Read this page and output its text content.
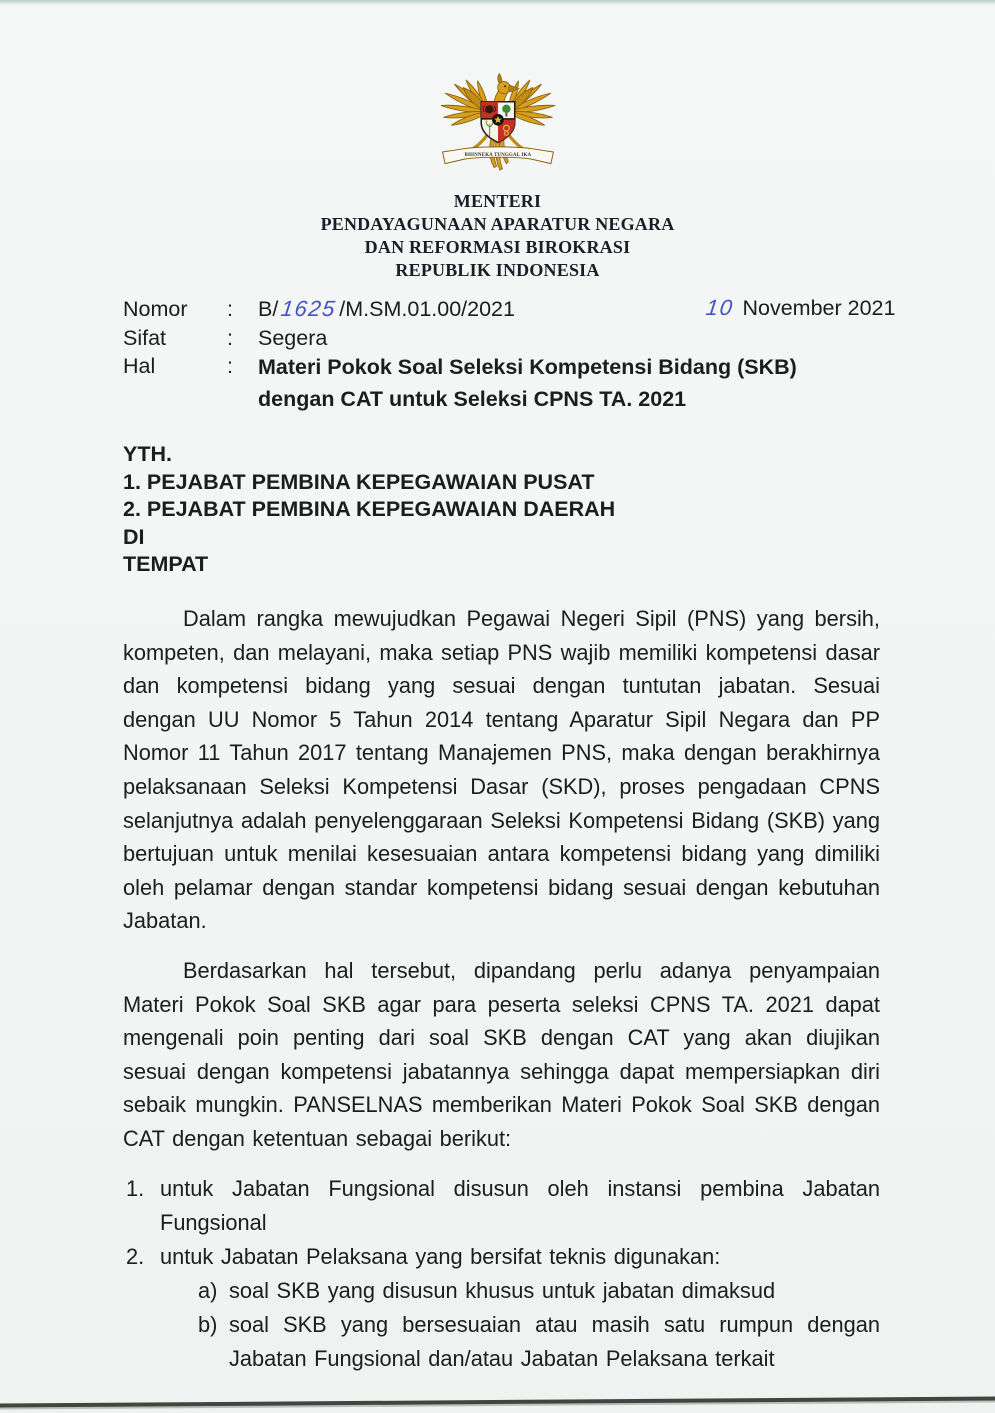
BHINNEKA TUNGGAL IKA
MENTERI
PENDAYAGUNAAN APARATUR NEGARA
DAN REFORMASI BIROKRASI
REPUBLIK INDONESIA
10 November 2021
Nomor	:	B/1625/M.SM.01.00/2021
Sifat	:	Segera
Hal	:	Materi Pokok Soal Seleksi Kompetensi Bidang (SKB)
dengan CAT untuk Seleksi CPNS TA. 2021
YTH.
1. PEJABAT PEMBINA KEPEGAWAIAN PUSAT
2. PEJABAT PEMBINA KEPEGAWAIAN DAERAH
DI
TEMPAT

Dalam rangka mewujudkan Pegawai Negeri Sipil (PNS) yang bersih, kompeten, dan melayani, maka setiap PNS wajib memiliki kompetensi dasar dan kompetensi bidang yang sesuai dengan tuntutan jabatan. Sesuai dengan UU Nomor 5 Tahun 2014 tentang Aparatur Sipil Negara dan PP Nomor 11 Tahun 2017 tentang Manajemen PNS, maka dengan berakhirnya pelaksanaan Seleksi Kompetensi Dasar (SKD), proses pengadaan CPNS selanjutnya adalah penyelenggaraan Seleksi Kompetensi Bidang (SKB) yang bertujuan untuk menilai kesesuaian antara kompetensi bidang yang dimiliki oleh pelamar dengan standar kompetensi bidang sesuai dengan kebutuhan Jabatan.

Berdasarkan hal tersebut, dipandang perlu adanya penyampaian Materi Pokok Soal SKB agar para peserta seleksi CPNS TA. 2021 dapat mengenali poin penting dari soal SKB dengan CAT yang akan diujikan sesuai dengan kompetensi jabatannya sehingga dapat mempersiapkan diri sebaik mungkin. PANSELNAS memberikan Materi Pokok Soal SKB dengan CAT dengan ketentuan sebagai berikut:

1. untuk Jabatan Fungsional disusun oleh instansi pembina Jabatan Fungsional
2. untuk Jabatan Pelaksana yang bersifat teknis digunakan:
a) soal SKB yang disusun khusus untuk jabatan dimaksud
b) soal SKB yang bersesuaian atau masih satu rumpun dengan Jabatan Fungsional dan/atau Jabatan Pelaksana terkait
